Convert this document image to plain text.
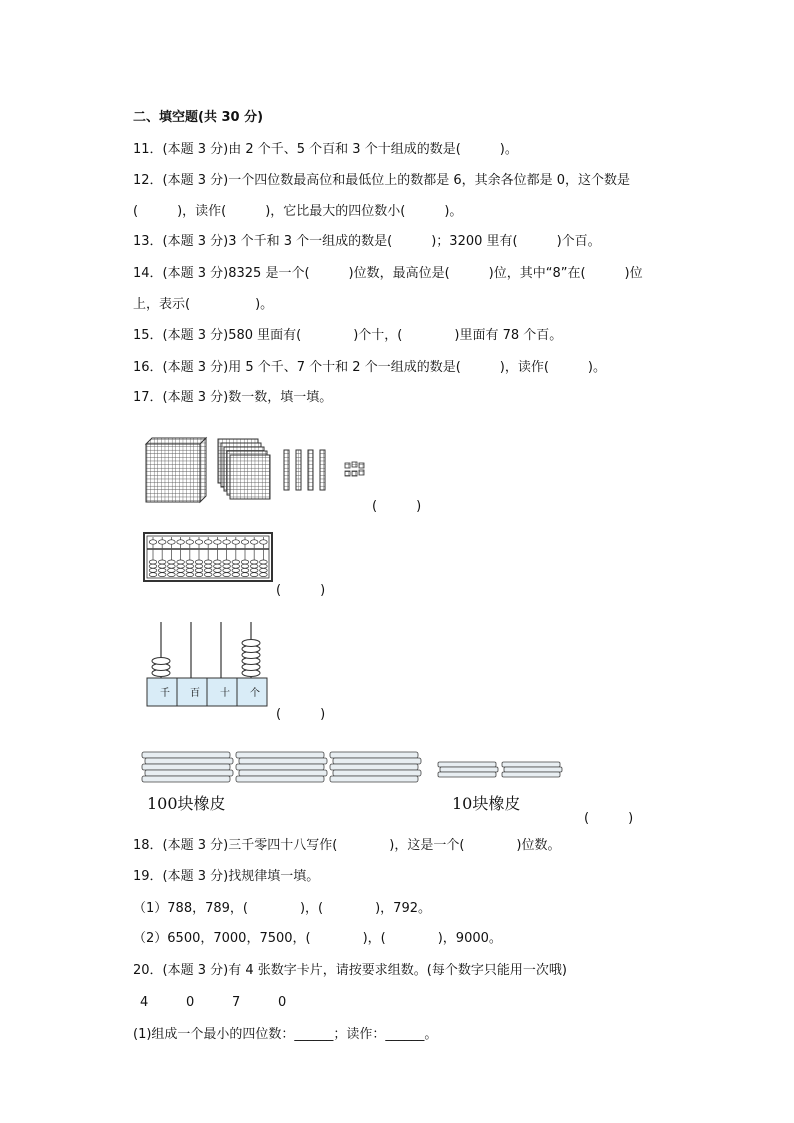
二、填空题(共 30 分)
11．(本题 3 分)由 2 个千、5 个百和 3 个十组成的数是(　　　)。
12．(本题 3 分)一个四位数最高位和最低位上的数都是 6，其余各位都是 0，这个数是
(　　　)，读作(　　　)，它比最大的四位数小(　　　)。
13．(本题 3 分)3 个千和 3 个一组成的数是(　　　)；3200 里有(　　　)个百。
14．(本题 3 分)8325 是一个(　　　)位数，最高位是(　　　)位，其中“8”在(　　　)位
上，表示(　　　　　)。
15．(本题 3 分)580 里面有(　　　　)个十，(　　　　)里面有 78 个百。
16．(本题 3 分)用 5 个千、7 个十和 2 个一组成的数是(　　　)，读作(　　　)。
17．(本题 3 分)数一数，填一填。
(　　　)
(　　　)
千 百 十 个
(　　　)
100块橡皮	10块橡皮
(　　　)
18．(本题 3 分)三千零四十八写作(　　　　)，这是一个(　　　　)位数。
19．(本题 3 分)找规律填一填。
（1）788，789，(　　　　)，(　　　　)，792。
（2）6500，7000，7500，(　　　　)，(　　　　)，9000。
20．(本题 3 分)有 4 张数字卡片，请按要求组数。(每个数字只能用一次哦)
4	0	7	0
(1)组成一个最小的四位数：______；读作：______。
